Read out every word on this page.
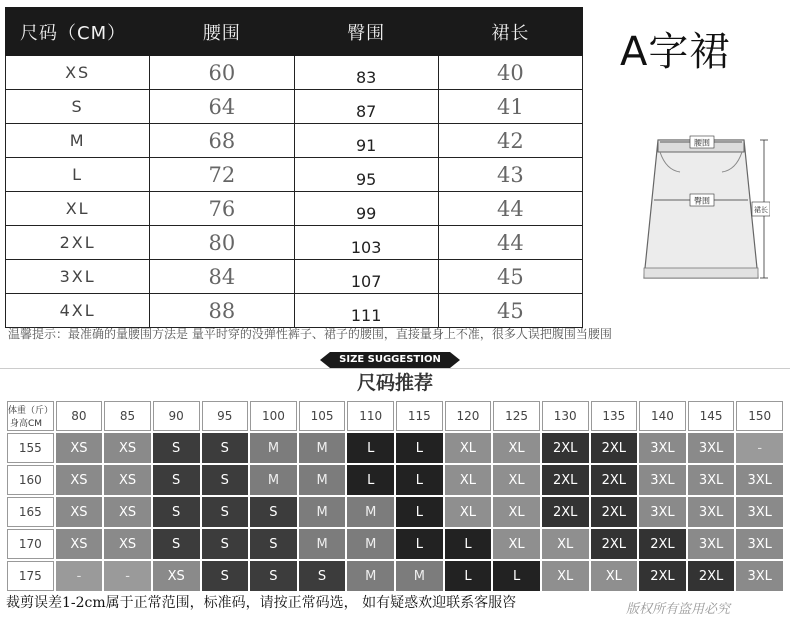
尺码（CM）	腰围	臀围	裙长
XS	60	83	40
S	64	87	41
M	68	91	42
L	72	95	43
XL	76	99	44
2XL	80	103	44
3XL	84	107	45
4XL	88	111	45
A字裙
腰围
臀围
裙长
温馨提示：最准确的量腰围方法是 量平时穿的没弹性裤子、裙子的腰围，直接量身上不准，很多人误把腹围当腰围
SIZE SUGGESTION
尺码推荐
体重（斤）
身高CM	80	85	90	95	100	105	110	115	120	125	130	135	140	145	150
155	XS	XS	S	S	M	M	L	L	XL	XL	2XL	2XL	3XL	3XL	-
160	XS	XS	S	S	M	M	L	L	XL	XL	2XL	2XL	3XL	3XL	3XL
165	XS	XS	S	S	S	M	M	L	XL	XL	2XL	2XL	3XL	3XL	3XL
170	XS	XS	S	S	S	M	M	L	L	XL	XL	2XL	2XL	3XL	3XL
175	-	-	XS	S	S	S	M	M	L	L	XL	XL	2XL	2XL	3XL
裁剪误差1-2cm属于正常范围，标准码，请按正常码选， 如有疑惑欢迎联系客服咨	版权所有盗用必究
